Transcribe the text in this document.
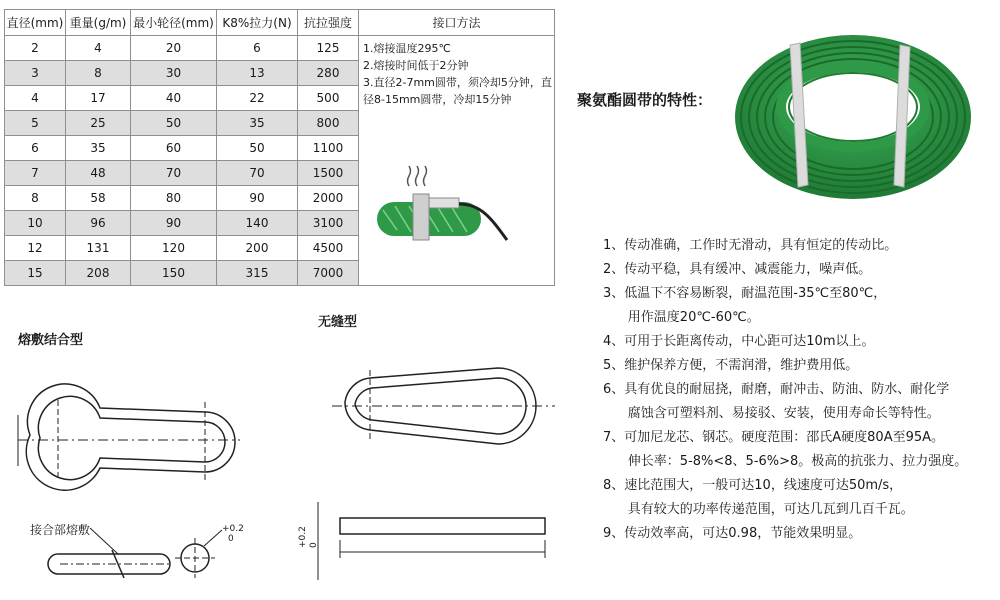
直径(mm)	重量(g/m)	最小轮径(mm)	K8%拉力(N)	抗拉强度	接口方法
2	4	20	6	125	1.熔接温度295℃
2.熔接时间低于2分钟
3.直径2-7mm圆带，须冷却5分钟，直径8-15mm圆带，冷却15分钟

3	8	30	13	280	
4	17	40	22	500	
5	25	50	35	800	
6	35	60	50	1100	
7	48	70	70	1500	
8	58	80	90	2000	
10	96	90	140	3100	
12	131	120	200	4500	
15	208	150	315	7000	
聚氨酯圆带的特性：
1、传动准确，工作时无滑动，具有恒定的传动比。
2、传动平稳，具有缓冲、减震能力，噪声低。
3、低温下不容易断裂，耐温范围-35℃至80℃，
用作温度20℃-60℃。
4、可用于长距离传动，中心距可达10m以上。
5、维护保养方便，不需润滑，维护费用低。
6、具有优良的耐屈挠，耐磨，耐冲击、防油、防水、耐化学
腐蚀含可塑料剂、易接驳、安装，使用寿命长等特性。
7、可加尼龙芯、钢芯。硬度范围：邵氏A硬度80A至95A。
伸长率：5-8%<8、5-6%>8。极高的抗张力、拉力强度。
8、速比范围大，一般可达10，线速度可达50m/s，
具有较大的功率传递范围，可达几瓦到几百千瓦。
9、传动效率高，可达0.98，节能效果明显。
熔敷结合型
无缝型
接合部熔敷	+0.2
0	+0.2 0
